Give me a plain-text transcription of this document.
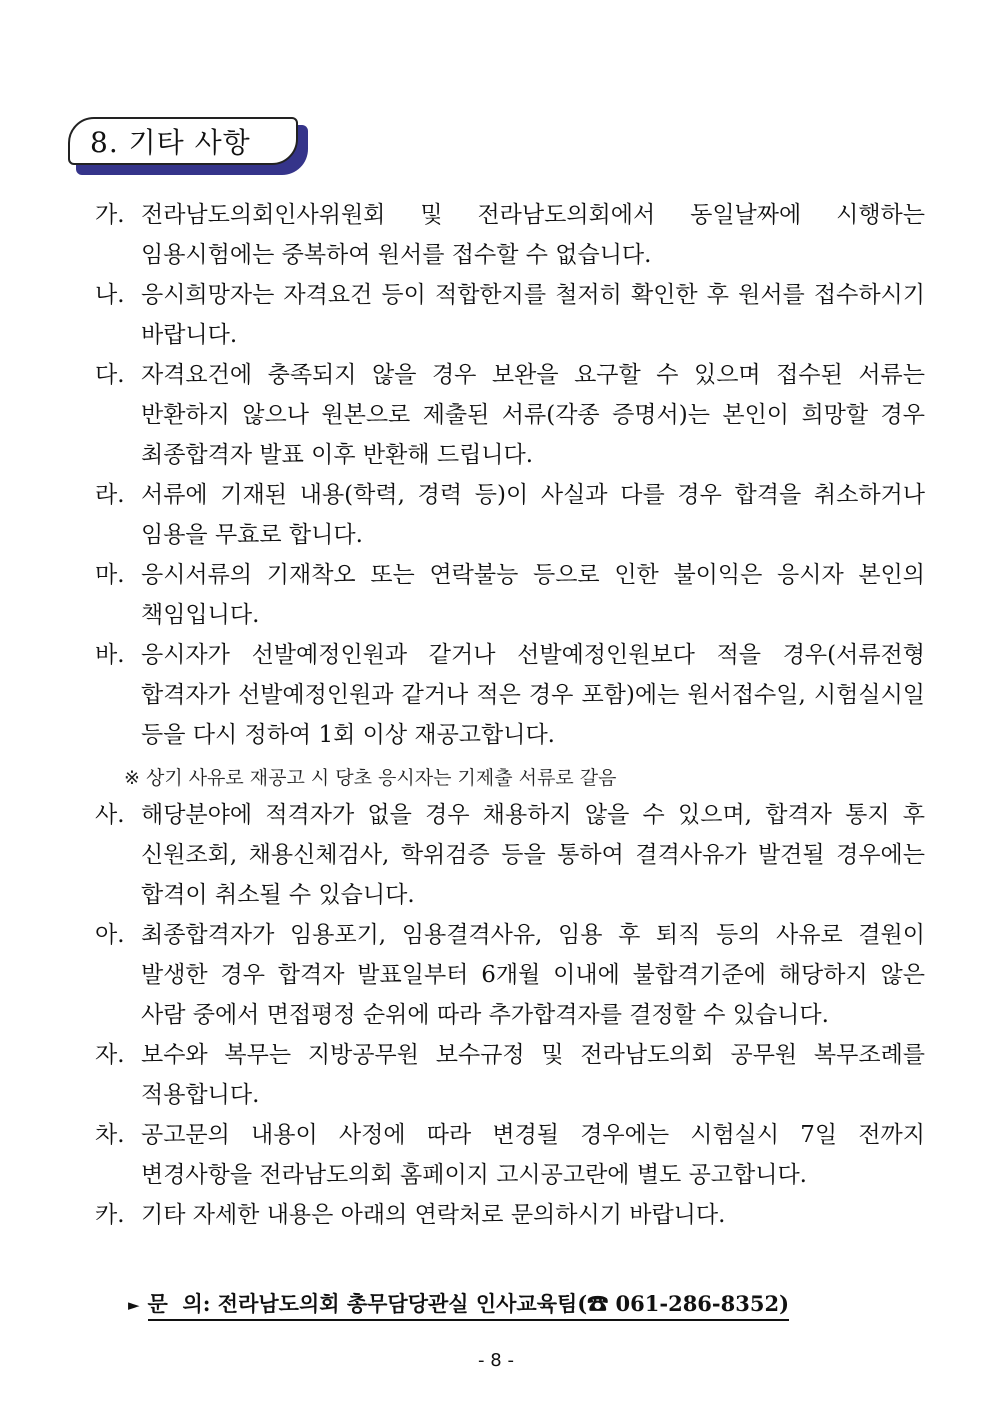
8. 기타 사항
가. 전라남도의회인사위원회 및 전라남도의회에서 동일날짜에 시행하는 임용시험에는 중복하여 원서를 접수할 수 없습니다.
나. 응시희망자는 자격요건 등이 적합한지를 철저히 확인한 후 원서를 접수하시기 바랍니다.
다. 자격요건에 충족되지 않을 경우 보완을 요구할 수 있으며 접수된 서류는 반환하지 않으나 원본으로 제출된 서류(각종 증명서)는 본인이 희망할 경우 최종합격자 발표 이후 반환해 드립니다.
라. 서류에 기재된 내용(학력, 경력 등)이 사실과 다를 경우 합격을 취소하거나 임용을 무효로 합니다.
마. 응시서류의 기재착오 또는 연락불능 등으로 인한 불이익은 응시자 본인의 책임입니다.
바. 응시자가 선발예정인원과 같거나 선발예정인원보다 적을 경우(서류전형 합격자가 선발예정인원과 같거나 적은 경우 포함)에는 원서접수일, 시험실시일 등을 다시 정하여 1회 이상 재공고합니다.
사. 해당분야에 적격자가 없을 경우 채용하지 않을 수 있으며, 합격자 통지 후 신원조회, 채용신체검사, 학위검증 등을 통하여 결격사유가 발견될 경우에는 합격이 취소될 수 있습니다.
아. 최종합격자가 임용포기, 임용결격사유, 임용 후 퇴직 등의 사유로 결원이 발생한 경우 합격자 발표일부터 6개월 이내에 불합격기준에 해당하지 않은 사람 중에서 면접평정 순위에 따라 추가합격자를 결정할 수 있습니다.
자. 보수와 복무는 지방공무원 보수규정 및 전라남도의회 공무원 복무조례를 적용합니다.
차. 공고문의 내용이 사정에 따라 변경될 경우에는 시험실시 7일 전까지 변경사항을 전라남도의회 홈페이지 고시공고란에 별도 공고합니다.
카. 기타 자세한 내용은 아래의 연락처로 문의하시기 바랍니다.
※ 상기 사유로 재공고 시 당초 응시자는 기제출 서류로 갈음
► 문  의: 전라남도의회 총무담당관실 인사교육팀(☎ 061-286-8352)
- 8 -
